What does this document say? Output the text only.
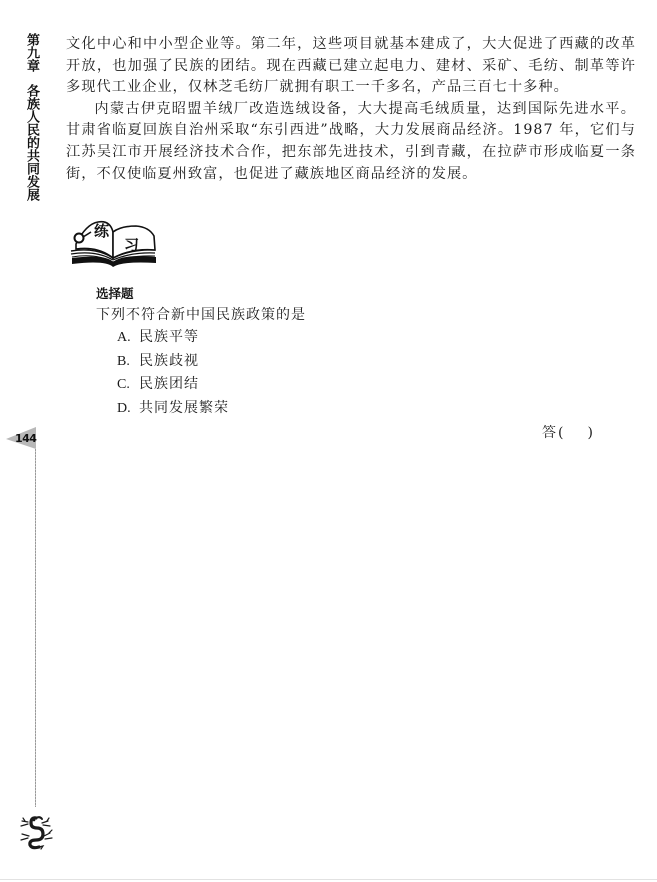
第九章各族人民的共同发展

文化中心和中小型企业等。第二年，这些项目就基本建成了，大大促进了西藏的改革开放，也加强了民族的团结。现在西藏已建立起电力、建材、采矿、毛纺、制革等许多现代工业企业，仅林芝毛纺厂就拥有职工一千多名，产品三百七十多种。

内蒙古伊克昭盟羊绒厂改造选绒设备，大大提高毛绒质量，达到国际先进水平。甘肃省临夏回族自治州采取“东引西进”战略，大力发展商品经济。1987 年，它们与江苏吴江市开展经济技术合作，把东部先进技术，引到青藏，在拉萨市形成临夏一条街，不仅使临夏州致富，也促进了藏族地区商品经济的发展。

练
习

选择题

下列不符合新中国民族政策的是

A. 民族平等
B. 民族歧视
C. 民族团结
D. 共同发展繁荣
答( )
144
